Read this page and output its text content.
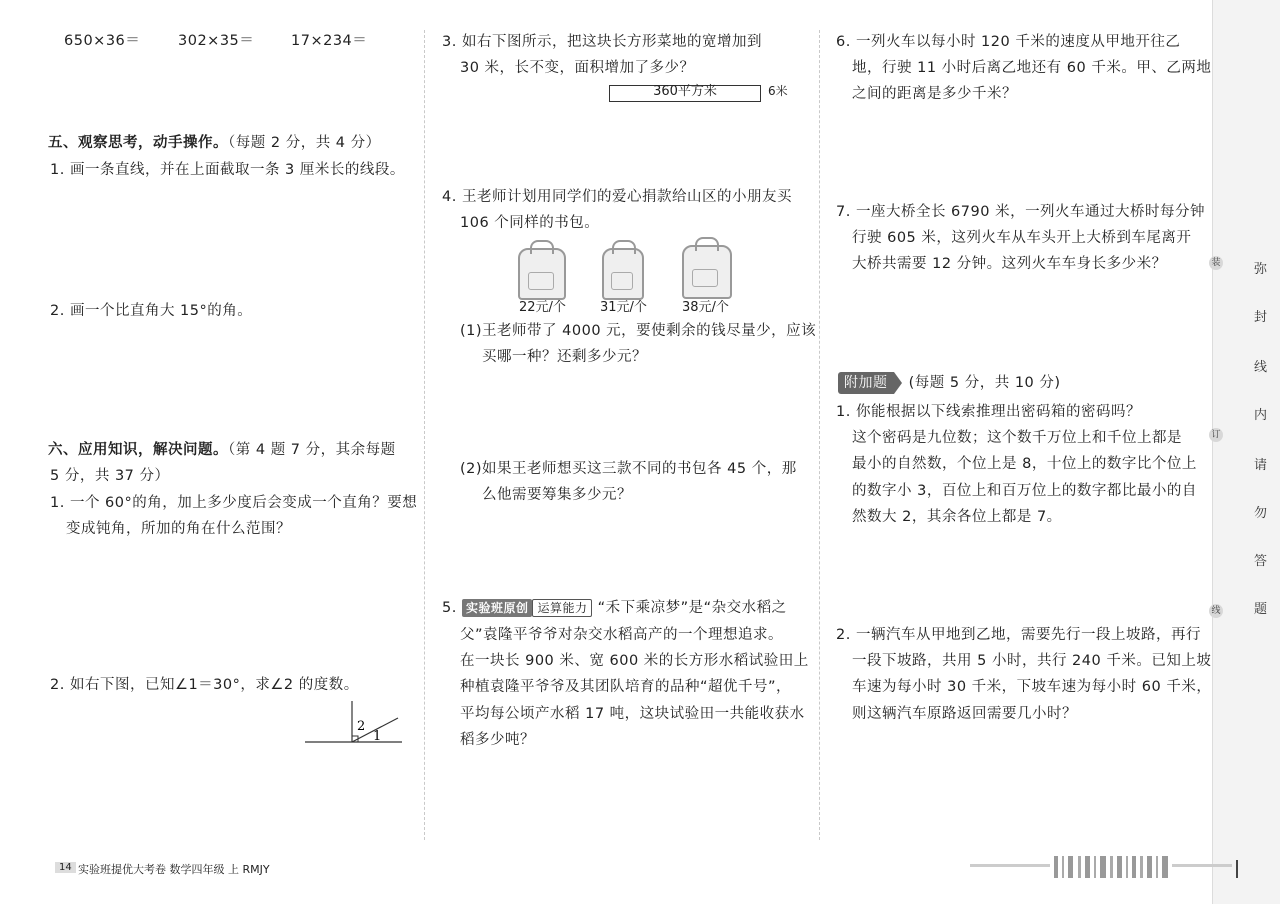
650×36＝	302×35＝	17×234＝
五、观察思考，动手操作。（每题 2 分，共 4 分）
1. 画一条直线，并在上面截取一条 3 厘米长的线段。
2. 画一个比直角大 15°的角。
六、应用知识，解决问题。（第 4 题 7 分，其余每题
5 分，共 37 分）
1. 一个 60°的角，加上多少度后会变成一个直角？要想
变成钝角，所加的角在什么范围？
2. 如右下图，已知∠1＝30°，求∠2 的度数。
2
1
3. 如右下图所示，把这块长方形菜地的宽增加到
30 米，长不变，面积增加了多少？
360平方米	6米
4. 王老师计划用同学们的爱心捐款给山区的小朋友买
106 个同样的书包。
22元/个	31元/个	38元/个
(1)王老师带了 4000 元，要使剩余的钱尽量少，应该
买哪一种？还剩多少元？
(2)如果王老师想买这三款不同的书包各 45 个，那
么他需要筹集多少元？
5. 实验班原创 运算能力 “禾下乘凉梦”是“杂交水稻之
父”袁隆平爷爷对杂交水稻高产的一个理想追求。
在一块长 900 米、宽 600 米的长方形水稻试验田上
种植袁隆平爷爷及其团队培育的品种“超优千号”，
平均每公顷产水稻 17 吨，这块试验田一共能收获水
稻多少吨？
6. 一列火车以每小时 120 千米的速度从甲地开往乙
地，行驶 11 小时后离乙地还有 60 千米。甲、乙两地
之间的距离是多少千米？
7. 一座大桥全长 6790 米，一列火车通过大桥时每分钟
行驶 605 米，这列火车从车头开上大桥到车尾离开
大桥共需要 12 分钟。这列火车车身长多少米？
附加题 (每题 5 分，共 10 分)
1. 你能根据以下线索推理出密码箱的密码吗？
这个密码是九位数；这个数千万位上和千位上都是
最小的自然数，个位上是 8，十位上的数字比个位上
的数字小 3，百位上和百万位上的数字都比最小的自
然数大 2，其余各位上都是 7。
2. 一辆汽车从甲地到乙地，需要先行一段上坡路，再行
一段下坡路，共用 5 小时，共行 240 千米。已知上坡
车速为每小时 30 千米，下坡车速为每小时 60 千米，
则这辆汽车原路返回需要几小时？
弥
封
线
内
请
勿
答
题
装
订
线
14 实验班提优大考卷 数学四年级 上 RMJY
